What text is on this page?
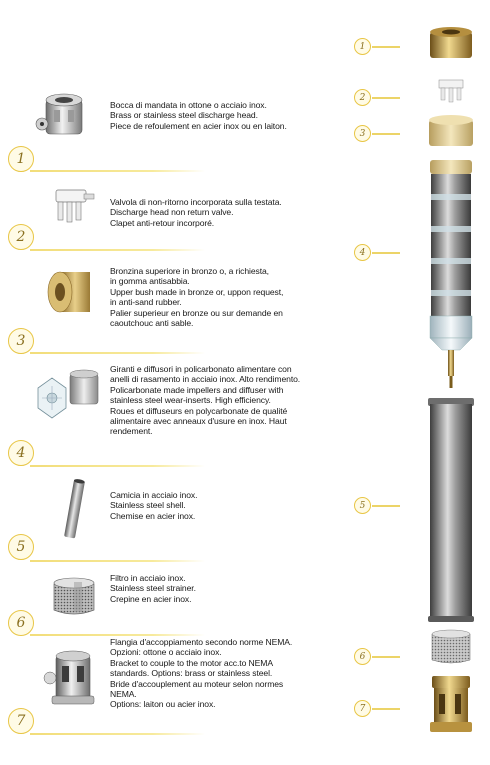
Bocca di mandata in ottone o acciaio inox.
Brass or stainless steel discharge head.
Piece de refoulement en acier inox ou en laiton.
1
Valvola di non-ritorno incorporata sulla testata.
Discharge head non return valve.
Clapet anti-retour incorporé.
2
Bronzina superiore in bronzo o, a richiesta,
in gomma antisabbia.
Upper bush made in bronze or, uppon request,
in anti-sand rubber.
Palier superieur en bronze ou sur demande en
caoutchouc anti sable.
3
Giranti e diffusori in policarbonato alimentare con
anelli di rasamento in acciaio inox. Alto rendimento.
Policarbonate made impellers and diffuser with
stainless steel wear-inserts. High efficiency.
Roues et diffuseurs en polycarbonate de qualité
alimentaire avec anneaux d'usure en inox. Haut
rendement.
4
Camicia in acciaio inox.
Stainless steel shell.
Chemise en acier inox.
5
Filtro in acciaio inox.
Stainless steel strainer.
Crepine en acier inox.
6
Flangia d'accoppiamento secondo norme NEMA.
Opzioni: ottone o acciaio inox.
Bracket to couple to the motor acc.to NEMA
standards. Options: brass or stainless steel.
Bride d'accouplement au moteur selon normes
NEMA.
Options: laiton ou acier inox.
7
1
2
3
4
5
6
7
